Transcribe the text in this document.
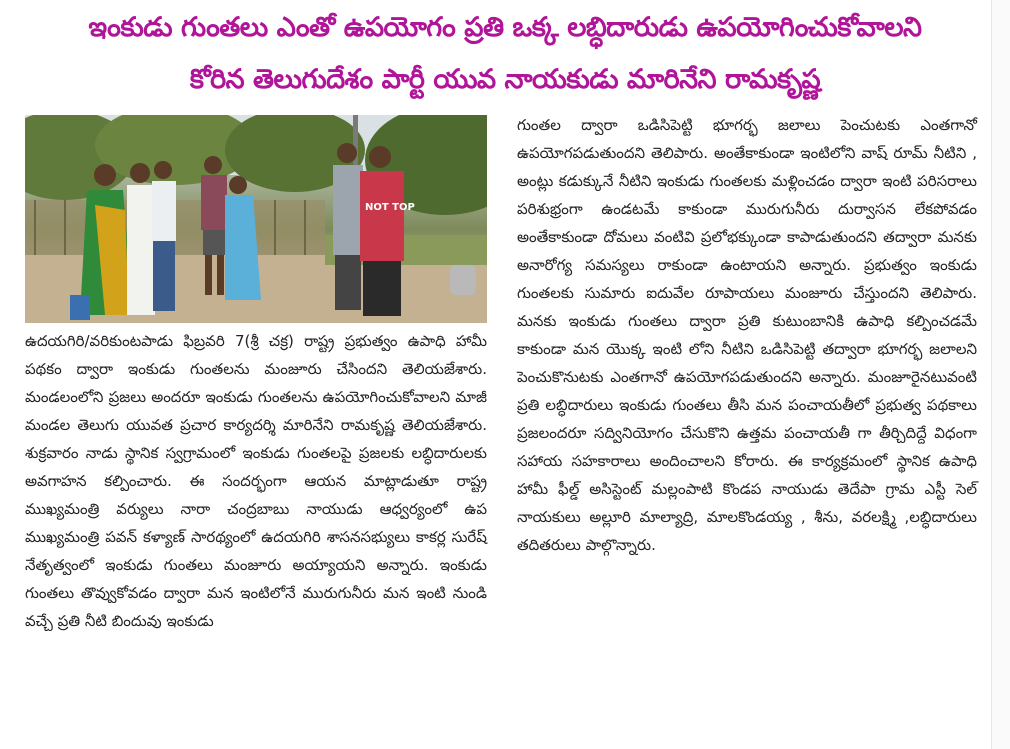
ఇంకుడు గుంతలు ఎంతో ఉపయోగం ప్రతి ఒక్క లబ్ధిదారుడు ఉపయోగించుకోవాలని
కోరిన తెలుగుదేశం పార్టీ యువ నాయకుడు మారినేని రామకృష్ణ
NOT TOP

ఉదయగిరి/వరికుంటపాడు ఫిబ్రవరి 7(శ్రీ చక్ర) రాష్ట్ర ప్రభుత్వం ఉపాధి హామీ పథకం ద్వారా ఇంకుడు గుంతలను మంజూరు చేసిందని తెలియజేశారు. మండలంలోని ప్రజలు అందరూ ఇంకుడు గుంతలను ఉపయోగించుకోవాలని మాజీ మండల తెలుగు యువత ప్రచార కార్యదర్శి మారినేని రామకృష్ణ తెలియజేశారు. శుక్రవారం నాడు స్థానిక స్వగ్రామంలో ఇంకుడు గుంతలపై ప్రజలకు లబ్ధిదారులకు అవగాహన కల్పించారు. ఈ సందర్భంగా ఆయన మాట్లాడుతూ రాష్ట్ర ముఖ్యమంత్రి వర్యులు నారా చంద్రబాబు నాయుడు ఆధ్వర్యంలో ఉప ముఖ్యమంత్రి పవన్ కళ్యాణ్ సారథ్యంలో ఉదయగిరి శాసనసభ్యులు కాకర్ల సురేష్ నేతృత్వంలో ఇంకుడు గుంతలు మంజూరు అయ్యాయని అన్నారు. ఇంకుడు గుంతలు తొవ్వుకోవడం ద్వారా మన ఇంటిలోనే మురుగునీరు మన ఇంటి నుండి వచ్చే ప్రతి నీటి బిందువు ఇంకుడు

గుంతల ద్వారా ఒడిసిపెట్టి భూగర్భ జలాలు పెంచుటకు ఎంతగానో ఉపయోగపడుతుందని తెలిపారు. అంతేకాకుండా ఇంటిలోని వాష్ రూమ్ నీటిని , అంట్లు కడుక్కునే నీటిని ఇంకుడు గుంతలకు మళ్లించడం ద్వారా ఇంటి పరిసరాలు పరిశుభ్రంగా ఉండటమే కాకుండా మురుగునీరు దుర్వాసన లేకపోవడం అంతేకాకుండా దోమలు వంటివి ప్రలోభక్కుండా కాపాడుతుందని తద్వారా మనకు అనారోగ్య సమస్యలు రాకుండా ఉంటాయని అన్నారు. ప్రభుత్వం ఇంకుడు గుంతలకు సుమారు ఐదువేల రూపాయలు మంజూరు చేస్తుందని తెలిపారు. మనకు ఇంకుడు గుంతలు ద్వారా ప్రతి కుటుంబానికి ఉపాధి కల్పించడమే కాకుండా మన యొక్క ఇంటి లోని నీటిని ఒడిసిపెట్టి తద్వారా భూగర్భ జలాలని పెంచుకొనుటకు ఎంతగానో ఉపయోగపడుతుందని అన్నారు. మంజూరైనటువంటి ప్రతి లబ్ధిదారులు ఇంకుడు గుంతలు తీసి మన పంచాయతీలో ప్రభుత్వ పథకాలు ప్రజలందరూ సద్వినియోగం చేసుకొని ఉత్తమ పంచాయతీ గా తీర్చిదిద్దే విధంగా సహాయ సహకారాలు అందించాలని కోరారు. ఈ కార్యక్రమంలో స్థానిక ఉపాధి హామీ ఫీల్డ్ అసిస్టెంట్ మల్లంపాటి కొండప నాయుడు తెదేపా గ్రామ ఎస్టీ సెల్ నాయకులు అల్లూరి మాల్యాద్రి, మాలకొండయ్య , శీను, వరలక్ష్మి ,లబ్ధిదారులు తదితరులు పాల్గొన్నారు.
